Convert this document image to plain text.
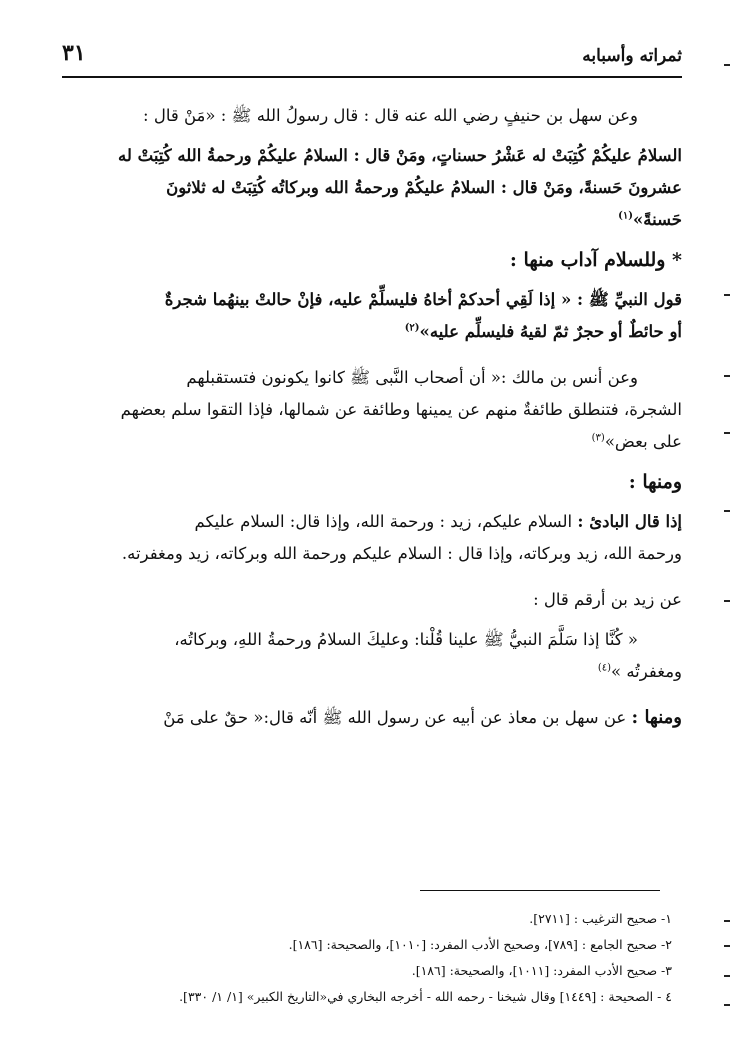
٣١	ثمراته وأسبابه

وعن سهل بن حنيفٍ رضي الله عنه قال : قال رسولُ الله ﷺ : «مَنْ قال :

السلامُ عليكُمْ كُتِبَتْ له عَشْرُ حسناتٍ، ومَنْ قال : السلامُ عليكُمْ ورحمةُ الله كُتِبَتْ له

عشرونَ حَسنةً، ومَنْ قال : السلامُ عليكُمْ ورحمةُ الله وبركاتُه كُتِبَتْ له ثلاثونَ

حَسنةً»$^{(١)}$

* وللسلام آداب منها :

قول النبيِّ ﷺ : « إذا لَقِي أحدكمْ أخاهُ فليسلِّمْ عليه، فإنْ حالتْ بينهُما شجرةٌ

أو حائطٌ أو حجرٌ ثمّ لقيهُ فليسلِّم عليه»$^{(٢)}$

وعن أنس بن مالك :« أن أصحاب النَّبى ﷺ كانوا يكونون فتستقبلهم

الشجرة، فتنطلق طائفةٌ منهم عن يمينها وطائفة عن شمالها، فإذا التقوا سلم بعضهم

على بعض»$^{(٣)}$

ومنها :

إذا قال البادئ : السلام عليكم، زيد : ورحمة الله، وإذا قال: السلام عليكم

ورحمة الله، زيد وبركاته، وإذا قال : السلام عليكم ورحمة الله وبركاته، زيد ومغفرته.

عن زيد بن أرقم قال :

« كُنَّا إذا سَلَّمَ النبيُّ ﷺ علينا قُلْنا: وعليكَ السلامُ ورحمةُ اللهِ، وبركاتُه،

ومغفرتُه »$^{(٤)}$

ومنها : عن سهل بن معاذ عن أبيه عن رسول الله ﷺ أنّه قال:« حقٌ على مَنْ

١- صحيح الترغيب : [٢٧١١].
٢- صحيح الجامع : [٧٨٩]، وصحيح الأدب المفرد: [١٠١٠]، والصحيحة: [١٨٦].
٣- صحيح الأدب المفرد: [١٠١١]، والصحيحة: [١٨٦].
٤ - الصحيحة : [١٤٤٩] وقال شيخنا - رحمه الله - أخرجه البخاري في«التاريخ الكبير» [١/ ١/ ٣٣٠].
